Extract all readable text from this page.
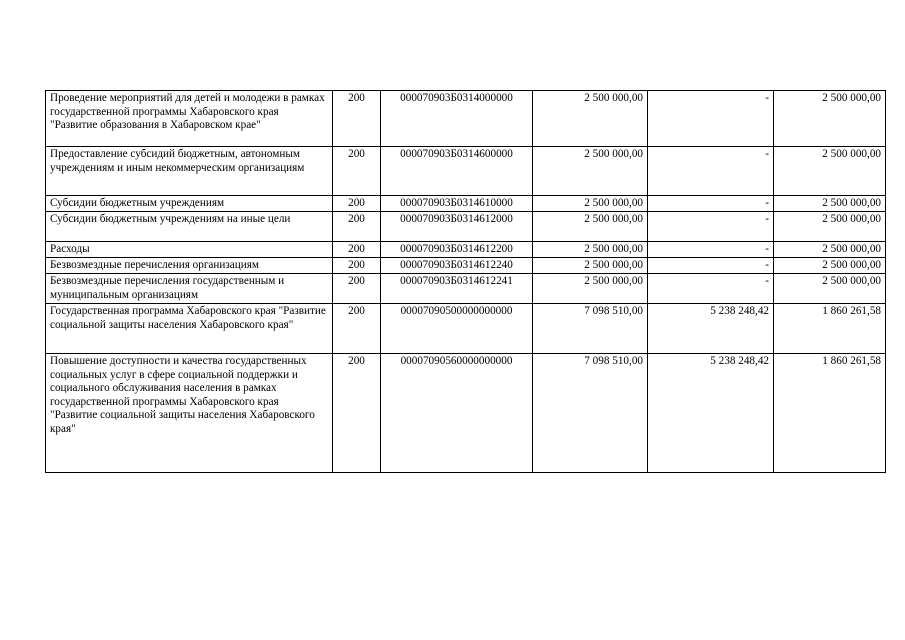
Проведение мероприятий для детей и молодежи в рамках государственной программы Хабаровского края "Развитие образования в Хабаровском крае"	200	000070903Б0314000000	2 500 000,00	-	2 500 000,00
Предоставление субсидий бюджетным, автономным учреждениям и иным некоммерческим организациям	200	000070903Б0314600000	2 500 000,00	-	2 500 000,00
Субсидии бюджетным учреждениям	200	000070903Б0314610000	2 500 000,00	-	2 500 000,00
Субсидии бюджетным учреждениям на иные цели	200	000070903Б0314612000	2 500 000,00	-	2 500 000,00
Расходы	200	000070903Б0314612200	2 500 000,00	-	2 500 000,00
Безвозмездные перечисления организациям	200	000070903Б0314612240	2 500 000,00	-	2 500 000,00
Безвозмездные перечисления государственным и муниципальным организациям	200	000070903Б0314612241	2 500 000,00	-	2 500 000,00
Государственная программа Хабаровского края "Развитие социальной защиты населения Хабаровского края"	200	00007090500000000000	7 098 510,00	5 238 248,42	1 860 261,58
Повышение доступности и качества государственных социальных услуг в сфере социальной поддержки и социального обслуживания населения в рамках государственной программы Хабаровского края "Развитие социальной защиты населения Хабаровского края"	200	00007090560000000000	7 098 510,00	5 238 248,42	1 860 261,58
